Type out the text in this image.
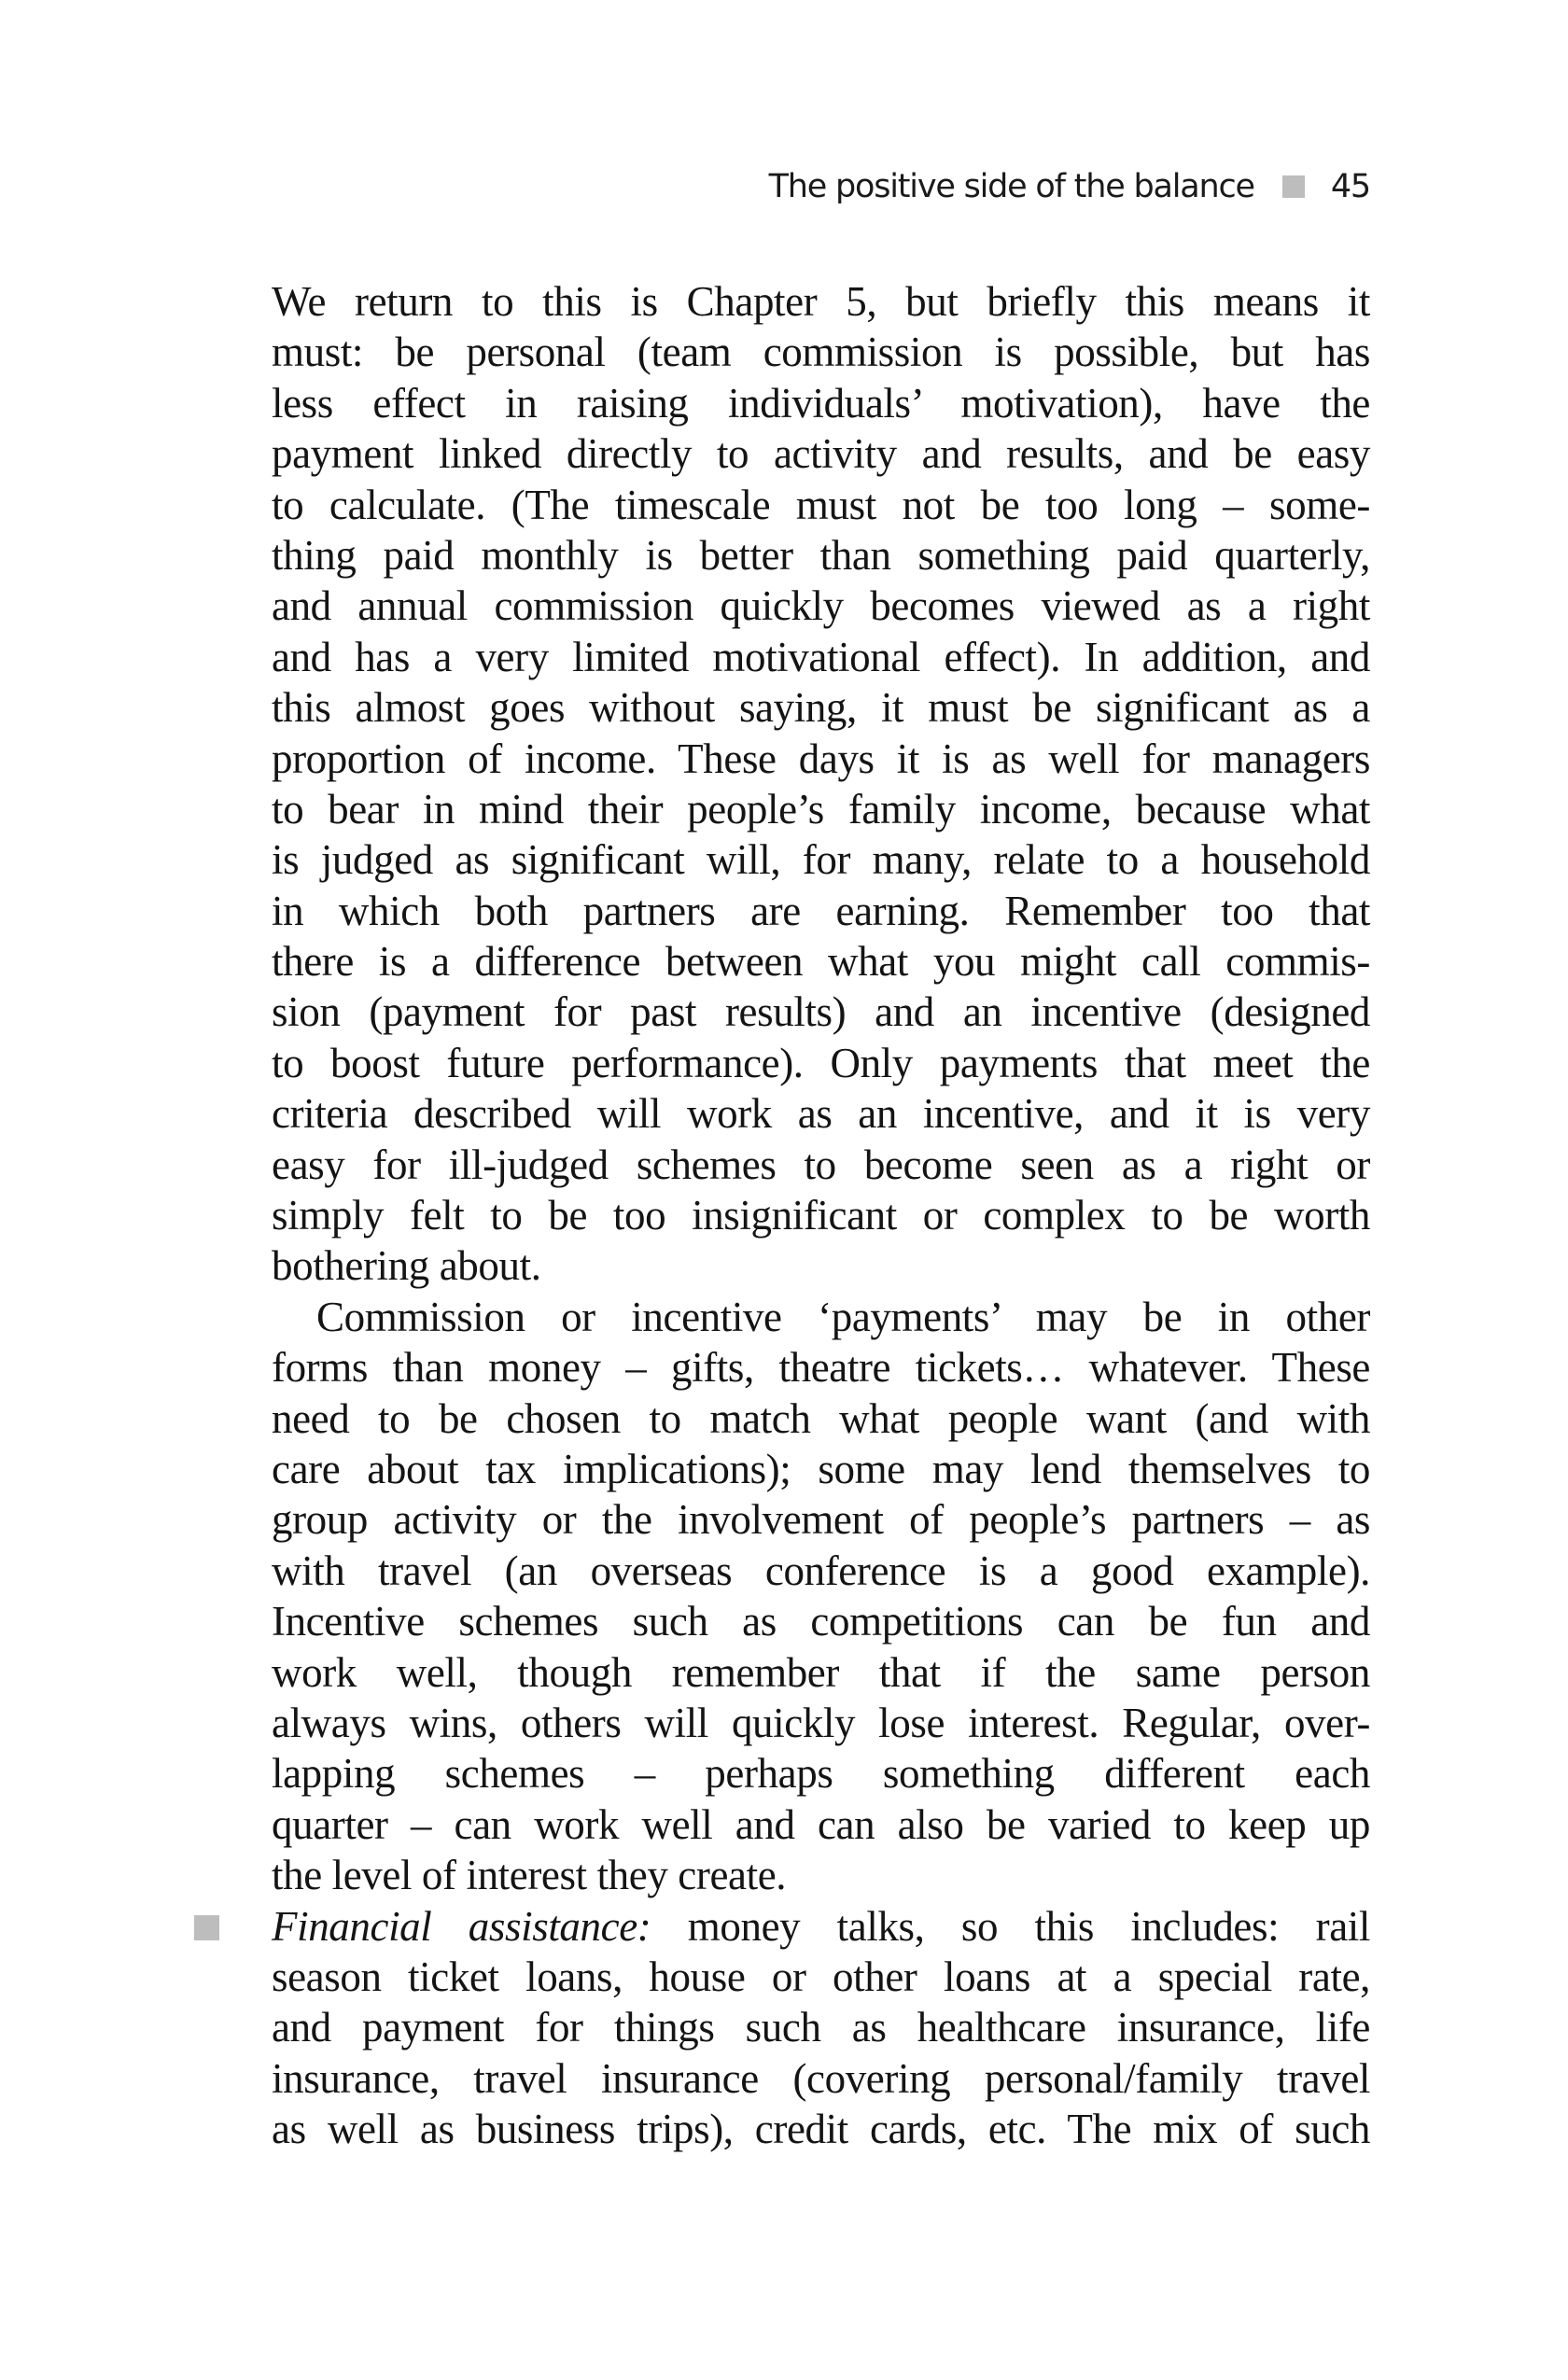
The positive side of the balance 45
We return to this is Chapter 5, but briefly this means it
must: be personal (team commission is possible, but has
less effect in raising individuals’ motivation), have the
payment linked directly to activity and results, and be easy
to calculate. (The timescale must not be too long – some-
thing paid monthly is better than something paid quarterly,
and annual commission quickly becomes viewed as a right
and has a very limited motivational effect). In addition, and
this almost goes without saying, it must be significant as a
proportion of income. These days it is as well for managers
to bear in mind their people’s family income, because what
is judged as significant will, for many, relate to a household
in which both partners are earning. Remember too that
there is a difference between what you might call commis-
sion (payment for past results) and an incentive (designed
to boost future performance). Only payments that meet the
criteria described will work as an incentive, and it is very
easy for ill-judged schemes to become seen as a right or
simply felt to be too insignificant or complex to be worth
bothering about.
Commission or incentive ‘payments’ may be in other
forms than money – gifts, theatre tickets… whatever. These
need to be chosen to match what people want (and with
care about tax implications); some may lend themselves to
group activity or the involvement of people’s partners – as
with travel (an overseas conference is a good example).
Incentive schemes such as competitions can be fun and
work well, though remember that if the same person
always wins, others will quickly lose interest. Regular, over-
lapping schemes – perhaps something different each
quarter – can work well and can also be varied to keep up
the level of interest they create.
Financial assistance: money talks, so this includes: rail
season ticket loans, house or other loans at a special rate,
and payment for things such as healthcare insurance, life
insurance, travel insurance (covering personal/family travel
as well as business trips), credit cards, etc. The mix of such
